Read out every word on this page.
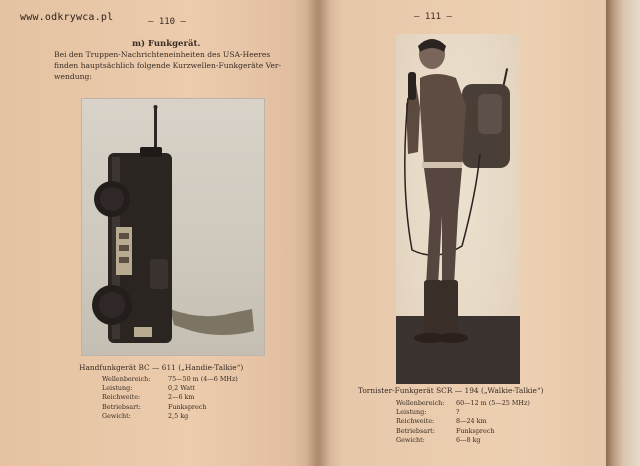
www.odkrywca.pl	— 110 —	— 111 —
m) Funkgerät.
Bei den Truppen-Nachrichteneinheiten des USA-Heeres
finden hauptsächlich folgende Kurzwellen-Funkgeräte Ver-
wendung:
Handfunkgerät BC — 611 („Handie-Talkie“)
Wellenbereich:	75—50 m (4—6 MHz)
Leistung:	0,2 Watt
Reichweite:	2—6 km
Betriebsart:	Funksprech
Gewicht:	2,5 kg
Tornister-Funkgerät SCR — 194 („Walkie-Talkie“)
Wellenbereich:	60—12 m (5—25 MHz)
Leistung:	?
Reichweite:	8—24 km
Betriebsart:	Funksprech
Gewicht:	6—8 kg
